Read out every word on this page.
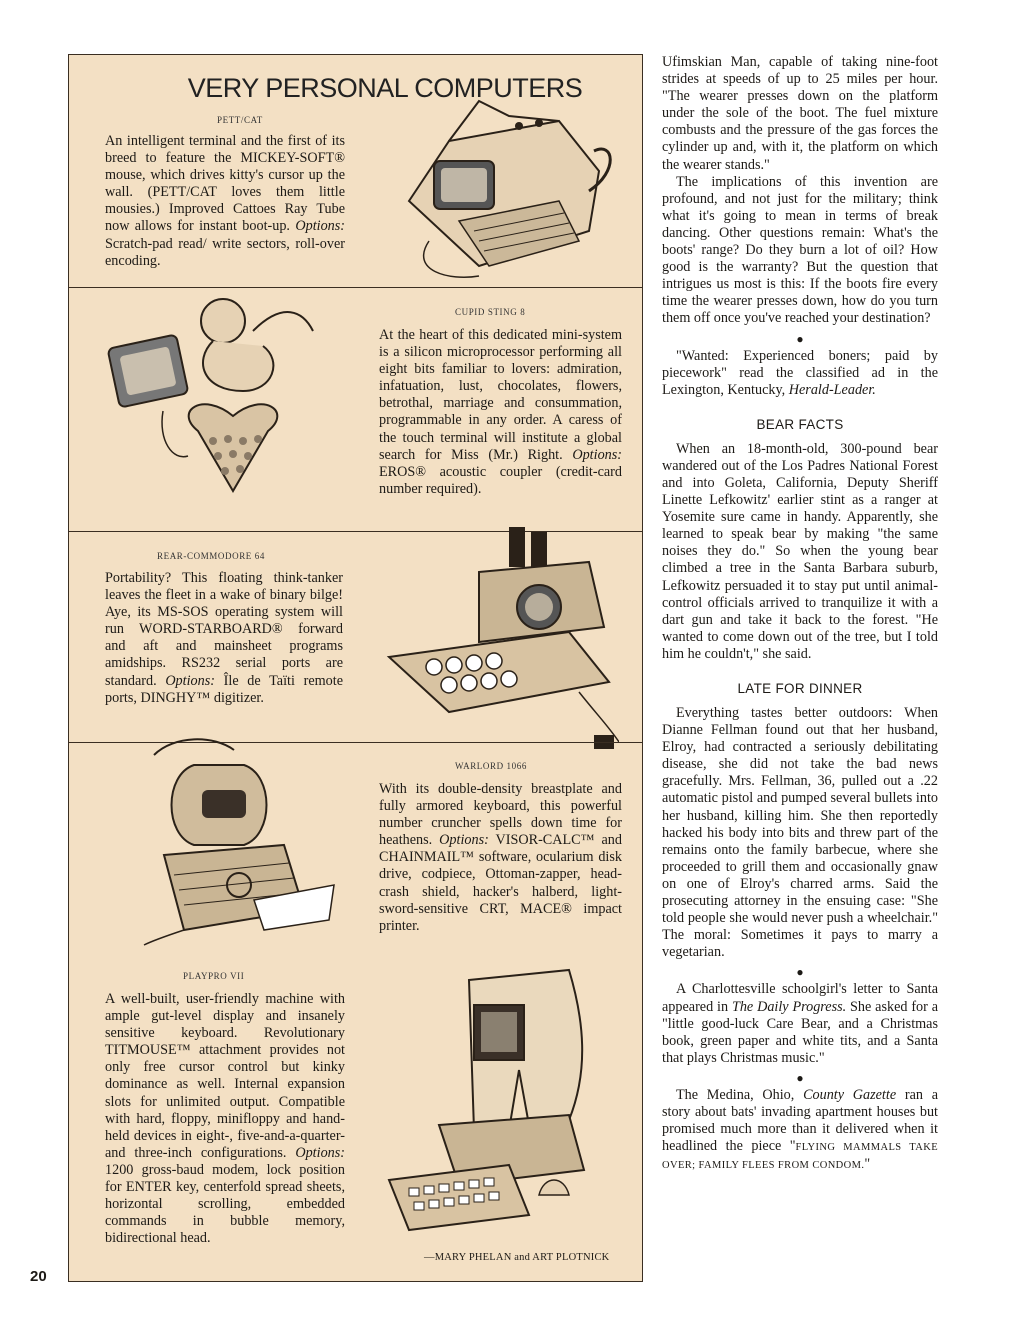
VERY PERSONAL COMPUTERS
PETT/CAT
An intelligent terminal and the first of its breed to feature the MICKEY-SOFT® mouse, which drives kitty's cursor up the wall. (PETT/CAT loves them little mousies.) Improved Cattoes Ray Tube now allows for instant boot-up. Options: Scratch-pad read/ write sectors, roll-over encoding.
CUPID STING 8
At the heart of this dedicated mini-system is a silicon microprocessor performing all eight bits familiar to lovers: admiration, infatuation, lust, chocolates, flowers, betrothal, marriage and consummation, programmable in any order. A caress of the touch terminal will institute a global search for Miss (Mr.) Right. Options: EROS® acoustic coupler (credit-card number required).
REAR-COMMODORE 64
Portability? This floating think-tanker leaves the fleet in a wake of binary bilge! Aye, its MS-SOS operating system will run WORD-STARBOARD® forward and aft and mainsheet programs amidships. RS232 serial ports are standard. Options: Île de Taïti remote ports, DINGHY™ digitizer.
WARLORD 1066
With its double-density breastplate and fully armored keyboard, this powerful number cruncher spells down time for heathens. Options: VISOR-CALC™ and CHAINMAIL™ software, ocularium disk drive, codpiece, Ottoman-zapper, head-crash shield, hacker's halberd, light-sword-sensitive CRT, MACE® impact printer.
PLAYPRO VII
A well-built, user-friendly machine with ample gut-level display and insanely sensitive keyboard. Revolutionary TITMOUSE™ attachment provides not only free cursor control but kinky dominance as well. Internal expansion slots for unlimited output. Compatible with hard, floppy, minifloppy and hand-held devices in eight-, five-and-a-quarter- and three-inch configurations. Options: 1200 gross-baud modem, lock position for ENTER key, centerfold spread sheets, horizontal scrolling, embedded commands in bubble memory, bidirectional head.
—MARY PHELAN and ART PLOTNICK

Ufimskian Man, capable of taking nine-foot strides at speeds of up to 25 miles per hour. "The wearer presses down on the platform under the sole of the boot. The fuel mixture combusts and the pressure of the gas forces the cylinder up and, with it, the platform on which the wearer stands."

The implications of this invention are profound, and not just for the military; think what it's going to mean in terms of break dancing. Other questions remain: What's the boots' range? Do they burn a lot of oil? How good is the warranty? But the question that intrigues us most is this: If the boots fire every time the wearer presses down, how do you turn them off once you've reached your destination?

●

"Wanted: Experienced boners; paid by piecework" read the classified ad in the Lexington, Kentucky, Herald-Leader.

BEAR FACTS

When an 18-month-old, 300-pound bear wandered out of the Los Padres National Forest and into Goleta, California, Deputy Sheriff Linette Lefkowitz' earlier stint as a ranger at Yosemite sure came in handy. Apparently, she learned to speak bear by making "the same noises they do." So when the young bear climbed a tree in the Santa Barbara suburb, Lefkowitz persuaded it to stay put until animal-control officials arrived to tranquilize it with a dart gun and take it back to the forest. "He wanted to come down out of the tree, but I told him he couldn't," she said.

LATE FOR DINNER

Everything tastes better outdoors: When Dianne Fellman found out that her husband, Elroy, had contracted a seriously debilitating disease, she did not take the bad news gracefully. Mrs. Fellman, 36, pulled out a .22 automatic pistol and pumped several bullets into her husband, killing him. She then reportedly hacked his body into bits and threw part of the remains onto the family barbecue, where she proceeded to grill them and occasionally gnaw on one of Elroy's charred arms. Said the prosecuting attorney in the ensuing case: "She told people she would never push a wheelchair." The moral: Sometimes it pays to marry a vegetarian.

●

A Charlottesville schoolgirl's letter to Santa appeared in The Daily Progress. She asked for a "little good-luck Care Bear, and a Christmas book, green paper and white tits, and a Santa that plays Christmas music."

●

The Medina, Ohio, County Gazette ran a story about bats' invading apartment houses but promised much more than it delivered when it headlined the piece "FLYING MAMMALS TAKE OVER; FAMILY FLEES FROM CONDOM."

20
